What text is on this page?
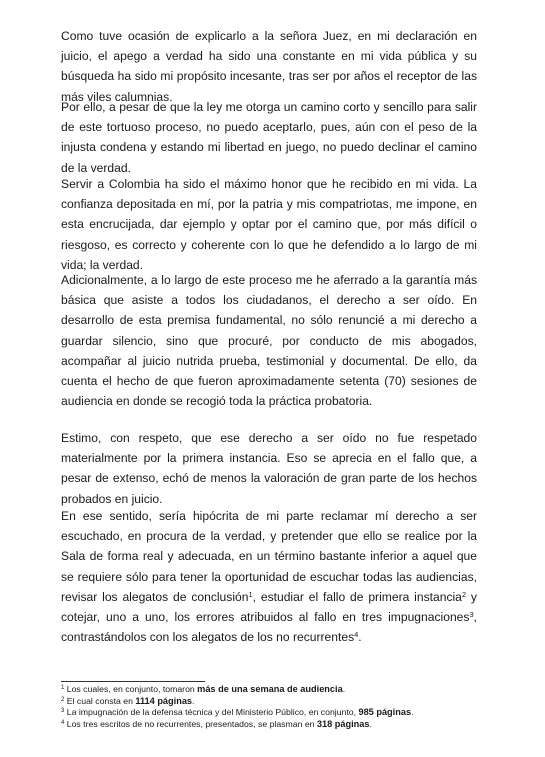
Como tuve ocasión de explicarlo a la señora Juez, en mi declaración en juicio, el apego a verdad ha sido una constante en mi vida pública y su búsqueda ha sido mi propósito incesante, tras ser por años el receptor de las más viles calumnias.

Por ello, a pesar de que la ley me otorga un camino corto y sencillo para salir de este tortuoso proceso, no puedo aceptarlo, pues, aún con el peso de la injusta condena y estando mi libertad en juego, no puedo declinar el camino de la verdad.

Servir a Colombia ha sido el máximo honor que he recibido en mi vida. La confianza depositada en mí, por la patria y mis compatriotas, me impone, en esta encrucijada, dar ejemplo y optar por el camino que, por más difícil o riesgoso, es correcto y coherente con lo que he defendido a lo largo de mi vida; la verdad.

Adicionalmente, a lo largo de este proceso me he aferrado a la garantía más básica que asiste a todos los ciudadanos, el derecho a ser oído. En desarrollo de esta premisa fundamental, no sólo renuncié a mi derecho a guardar silencio, sino que procuré, por conducto de mis abogados, acompañar al juicio nutrida prueba, testimonial y documental. De ello, da cuenta el hecho de que fueron aproximadamente setenta (70) sesiones de audiencia en donde se recogió toda la práctica probatoria.

Estimo, con respeto, que ese derecho a ser oído no fue respetado materialmente por la primera instancia. Eso se aprecia en el fallo que, a pesar de extenso, echó de menos la valoración de gran parte de los hechos probados en juicio.

En ese sentido, sería hipócrita de mi parte reclamar mí derecho a ser escuchado, en procura de la verdad, y pretender que ello se realice por la Sala de forma real y adecuada, en un término bastante inferior a aquel que se requiere sólo para tener la oportunidad de escuchar todas las audiencias, revisar los alegatos de conclusión$^1$, estudiar el fallo de primera instancia$^2$ y cotejar, uno a uno, los errores atribuidos al fallo en tres impugnaciones$^3$, contrastándolos con los alegatos de los no recurrentes$^4$.

$^1$ Los cuales, en conjunto, tomaron más de una semana de audiencia.
$^2$ El cual consta en 1114 páginas.
$^3$ La impugnación de la defensa técnica y del Ministerio Público, en conjunto, 985 páginas.
$^4$ Los tres escritos de no recurrentes, presentados, se plasman en 318 páginas.
